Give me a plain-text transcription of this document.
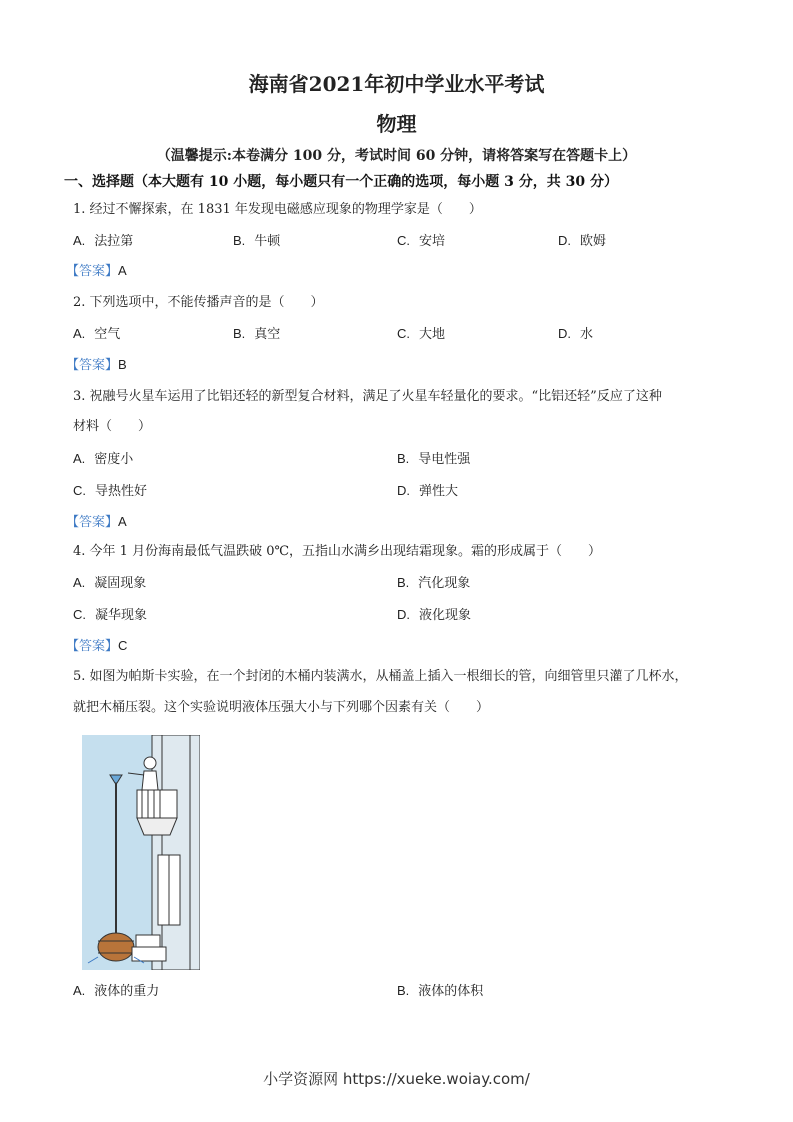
海南省2021年初中学业水平考试
物理
（温馨提示:本卷满分 100 分，考试时间 60 分钟，请将答案写在答题卡上）
一、选择题（本大题有 10 小题，每小题只有一个正确的选项，每小题 3 分，共 30 分）
1. 经过不懈探索，在 1831 年发现电磁感应现象的物理学家是（　　）
A. 法拉第	B. 牛顿	C. 安培	D. 欧姆
【答案】A
2. 下列选项中，不能传播声音的是（　　）
A. 空气	B. 真空	C. 大地	D. 水
【答案】B
3. 祝融号火星车运用了比铝还轻的新型复合材料，满足了火星车轻量化的要求。“比铝还轻”反应了这种
材料（　　）
A. 密度小	B. 导电性强
C. 导热性好	D. 弹性大
【答案】A
4. 今年 1 月份海南最低气温跌破 0℃，五指山水满乡出现结霜现象。霜的形成属于（　　）
A. 凝固现象	B. 汽化现象
C. 凝华现象	D. 液化现象
【答案】C
5. 如图为帕斯卡实验，在一个封闭的木桶内装满水，从桶盖上插入一根细长的管，向细管里只灌了几杯水，
就把木桶压裂。这个实验说明液体压强大小与下列哪个因素有关（　　）
A. 液体的重力	B. 液体的体积
小学资源网 https://xueke.woiay.com/
